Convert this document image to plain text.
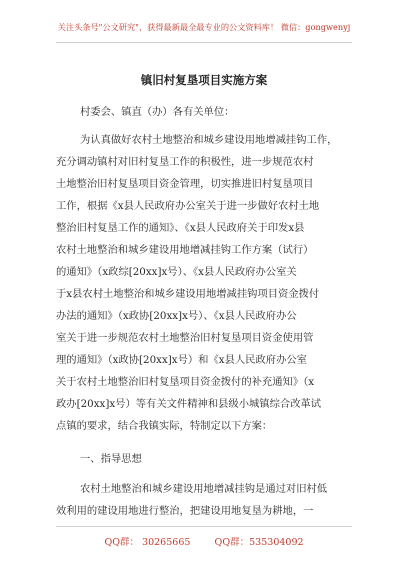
关注头条号"公文研究"，获得最新最全最专业的公文资料库！ 微信：gongwenyj
镇旧村复垦项目实施方案
村委会、镇直（办）各有关单位：
为认真做好农村土地整治和城乡建设用地增减挂钩工作，
充分调动镇村对旧村复垦工作的积极性，进一步规范农村
土地整治旧村复垦项目资金管理，切实推进旧村复垦项目
工作，根据《x县人民政府办公室关于进一步做好农村土地
整治旧村复垦工作的通知》、《x县人民政府关于印发x县
农村土地整治和城乡建设用地增减挂钩工作方案（试行）
的通知》（x政综[20xx]x号）、《x县人民政府办公室关
于x县农村土地整治和城乡建设用地增减挂钩项目资金拨付
办法的通知》（x政协[20xx]x号）、《x县人民政府办公
室关于进一步规范农村土地整治旧村复垦项目资金使用管
理的通知》（x政协[20xx]x号）和《x县人民政府办公室
关于农村土地整治旧村复垦项目资金拨付的补充通知》（x
政办[20xx]x号）等有关文件精神和县级小城镇综合改革试
点镇的要求，结合我镇实际，特制定以下方案：
一、指导思想
农村土地整治和城乡建设用地增减挂钩是通过对旧村低
效利用的建设用地进行整治，把建设用地复垦为耕地，一
QQ群： 30265665        QQ群：535304092
